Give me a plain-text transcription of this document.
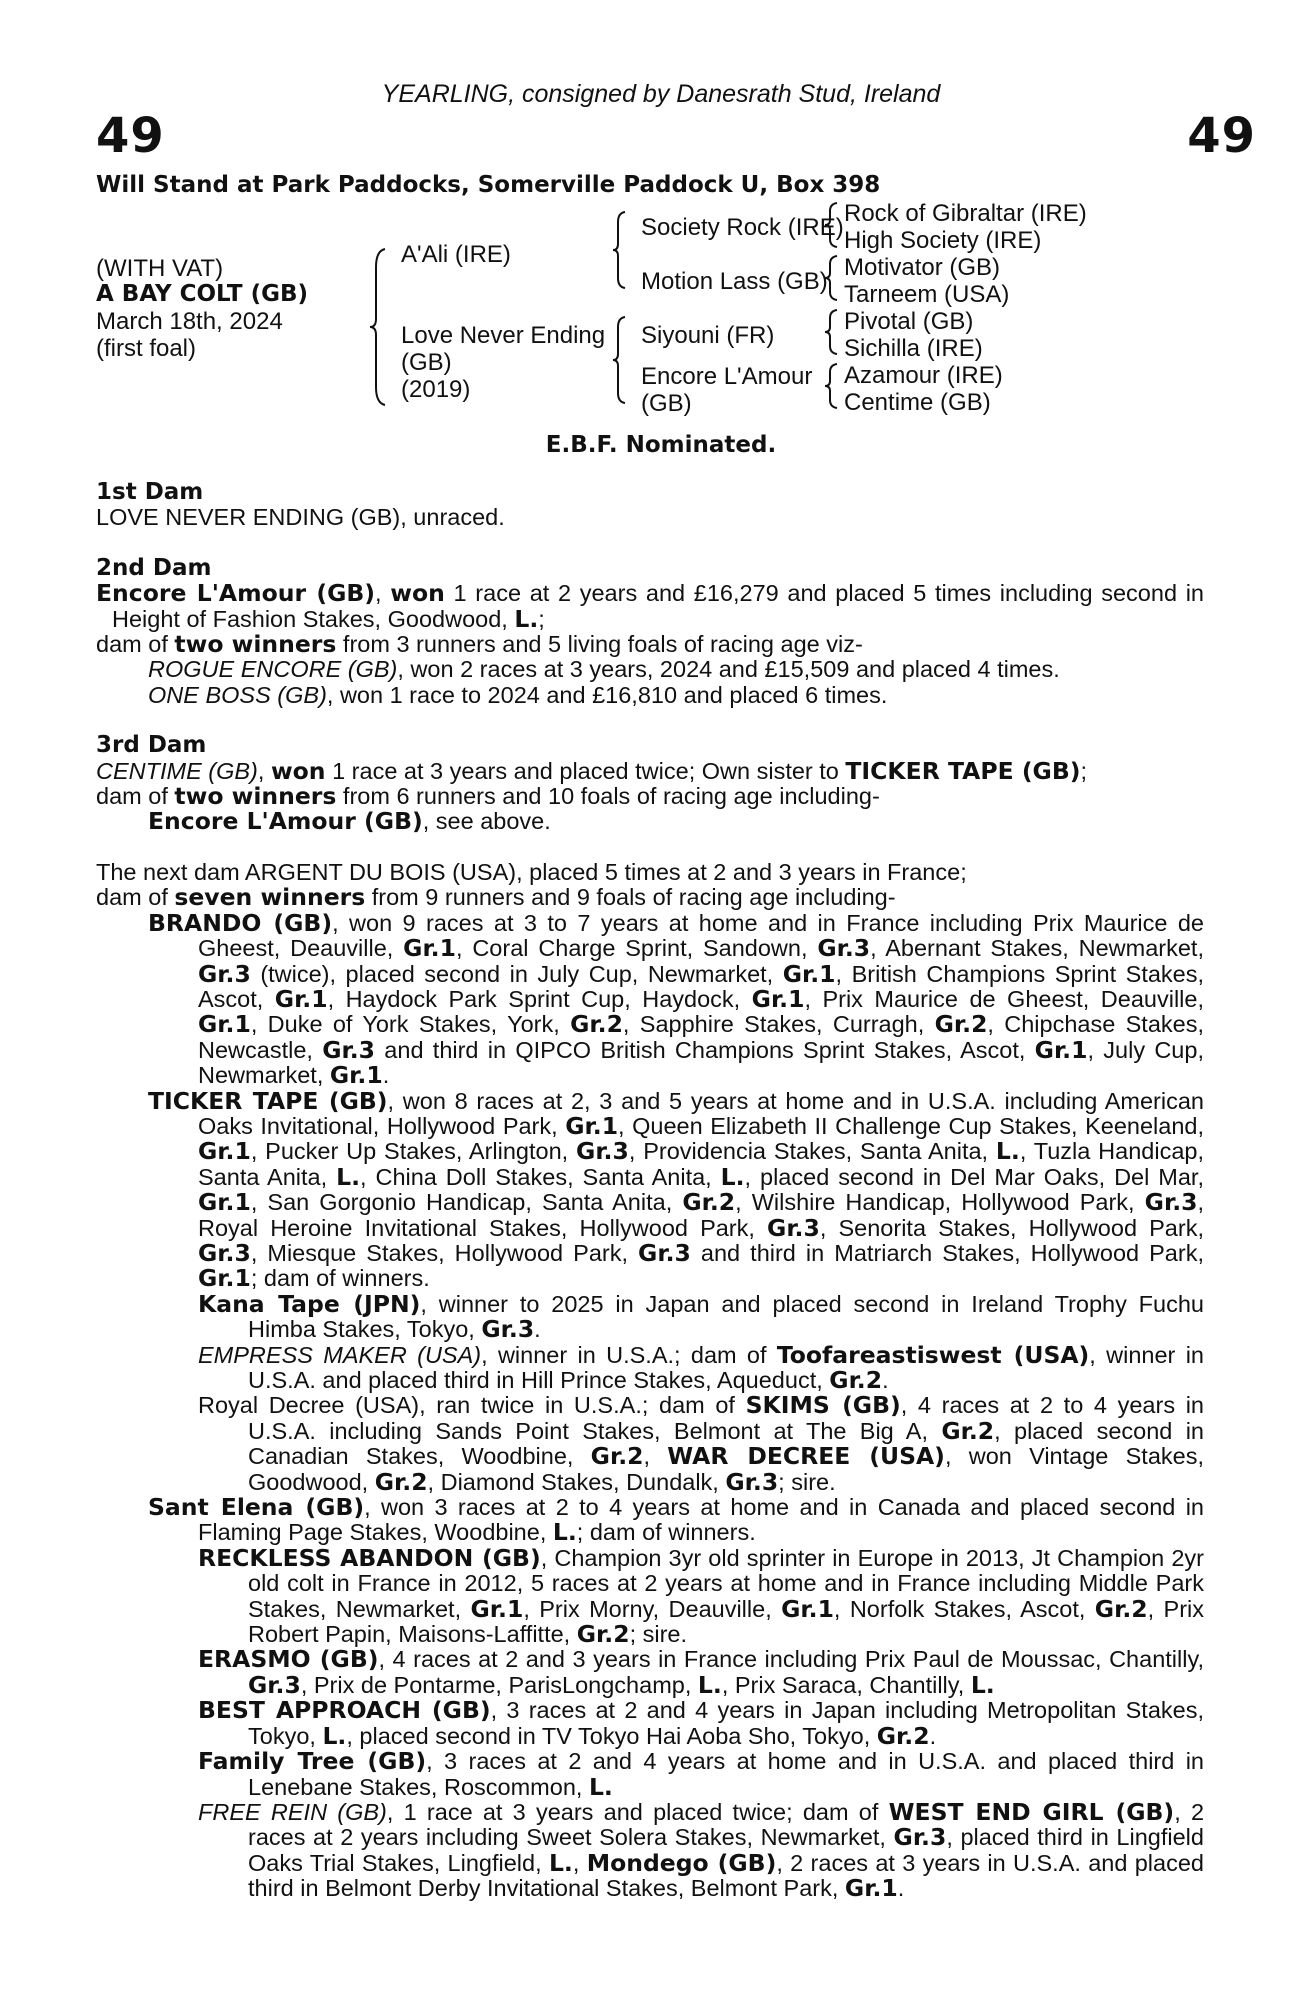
YEARLING, consigned by Danesrath Stud, Ireland
49	49
Will Stand at Park Paddocks, Somerville Paddock U, Box 398
(WITH VAT)
A BAY COLT (GB)
March 18th, 2024
(first foal)
A'Ali (IRE)
Love Never Ending
(GB)
(2019)
Society Rock (IRE)
Motion Lass (GB)
Siyouni (FR)
Encore L'Amour
(GB)
Rock of Gibraltar (IRE)
High Society (IRE)
Motivator (GB)
Tarneem (USA)
Pivotal (GB)
Sichilla (IRE)
Azamour (IRE)
Centime (GB)
E.B.F. Nominated.

1st Dam

LOVE NEVER ENDING (GB), unraced.

2nd Dam

Encore L'Amour (GB), won 1 race at 2 years and £16,279 and placed 5 times including second in Height of Fashion Stakes, Goodwood, L.;

dam of two winners from 3 runners and 5 living foals of racing age viz-

ROGUE ENCORE (GB), won 2 races at 3 years, 2024 and £15,509 and placed 4 times.

ONE BOSS (GB), won 1 race to 2024 and £16,810 and placed 6 times.

3rd Dam

CENTIME (GB), won 1 race at 3 years and placed twice; Own sister to TICKER TAPE (GB);

dam of two winners from 6 runners and 10 foals of racing age including-

Encore L'Amour (GB), see above.

The next dam ARGENT DU BOIS (USA), placed 5 times at 2 and 3 years in France;

dam of seven winners from 9 runners and 9 foals of racing age including-

BRANDO (GB), won 9 races at 3 to 7 years at home and in France including Prix Maurice de Gheest, Deauville, Gr.1, Coral Charge Sprint, Sandown, Gr.3, Abernant Stakes, Newmarket, Gr.3 (twice), placed second in July Cup, Newmarket, Gr.1, British Champions Sprint Stakes, Ascot, Gr.1, Haydock Park Sprint Cup, Haydock, Gr.1, Prix Maurice de Gheest, Deauville, Gr.1, Duke of York Stakes, York, Gr.2, Sapphire Stakes, Curragh, Gr.2, Chipchase Stakes, Newcastle, Gr.3 and third in QIPCO British Champions Sprint Stakes, Ascot, Gr.1, July Cup, Newmarket, Gr.1.

TICKER TAPE (GB), won 8 races at 2, 3 and 5 years at home and in U.S.A. including American Oaks Invitational, Hollywood Park, Gr.1, Queen Elizabeth II Challenge Cup Stakes, Keeneland, Gr.1, Pucker Up Stakes, Arlington, Gr.3, Providencia Stakes, Santa Anita, L., Tuzla Handicap, Santa Anita, L., China Doll Stakes, Santa Anita, L., placed second in Del Mar Oaks, Del Mar, Gr.1, San Gorgonio Handicap, Santa Anita, Gr.2, Wilshire Handicap, Hollywood Park, Gr.3, Royal Heroine Invitational Stakes, Hollywood Park, Gr.3, Senorita Stakes, Hollywood Park, Gr.3, Miesque Stakes, Hollywood Park, Gr.3 and third in Matriarch Stakes, Hollywood Park, Gr.1; dam of winners.

Kana Tape (JPN), winner to 2025 in Japan and placed second in Ireland Trophy Fuchu Himba Stakes, Tokyo, Gr.3.

EMPRESS MAKER (USA), winner in U.S.A.; dam of Toofareastiswest (USA), winner in U.S.A. and placed third in Hill Prince Stakes, Aqueduct, Gr.2.

Royal Decree (USA), ran twice in U.S.A.; dam of SKIMS (GB), 4 races at 2 to 4 years in U.S.A. including Sands Point Stakes, Belmont at The Big A, Gr.2, placed second in Canadian Stakes, Woodbine, Gr.2, WAR DECREE (USA), won Vintage Stakes, Goodwood, Gr.2, Diamond Stakes, Dundalk, Gr.3; sire.

Sant Elena (GB), won 3 races at 2 to 4 years at home and in Canada and placed second in Flaming Page Stakes, Woodbine, L.; dam of winners.

RECKLESS ABANDON (GB), Champion 3yr old sprinter in Europe in 2013, Jt Champion 2yr old colt in France in 2012, 5 races at 2 years at home and in France including Middle Park Stakes, Newmarket, Gr.1, Prix Morny, Deauville, Gr.1, Norfolk Stakes, Ascot, Gr.2, Prix Robert Papin, Maisons-Laffitte, Gr.2; sire.

ERASMO (GB), 4 races at 2 and 3 years in France including Prix Paul de Moussac, Chantilly, Gr.3, Prix de Pontarme, ParisLongchamp, L., Prix Saraca, Chantilly, L.

BEST APPROACH (GB), 3 races at 2 and 4 years in Japan including Metropolitan Stakes, Tokyo, L., placed second in TV Tokyo Hai Aoba Sho, Tokyo, Gr.2.

Family Tree (GB), 3 races at 2 and 4 years at home and in U.S.A. and placed third in Lenebane Stakes, Roscommon, L.

FREE REIN (GB), 1 race at 3 years and placed twice; dam of WEST END GIRL (GB), 2 races at 2 years including Sweet Solera Stakes, Newmarket, Gr.3, placed third in Lingfield Oaks Trial Stakes, Lingfield, L., Mondego (GB), 2 races at 3 years in U.S.A. and placed third in Belmont Derby Invitational Stakes, Belmont Park, Gr.1.
